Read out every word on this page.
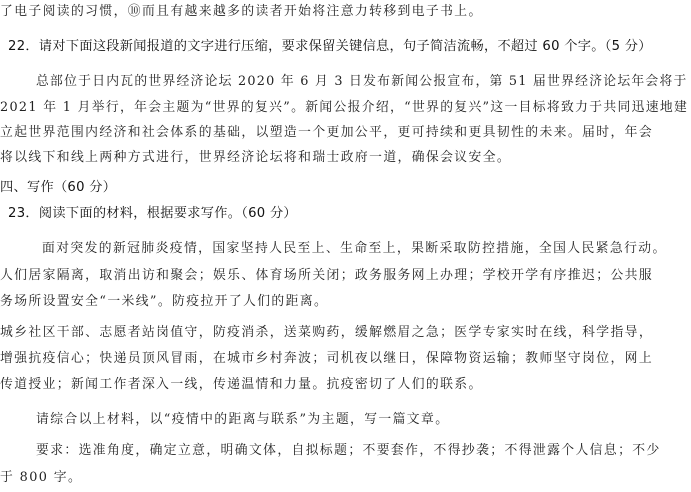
了电子阅读的习惯，⑩而且有越来越多的读者开始将注意力转移到电子书上。
22．请对下面这段新闻报道的文字进行压缩，要求保留关键信息，句子简洁流畅，不超过 60 个字。（5 分）
总部位于日内瓦的世界经济论坛 2020 年 6 月 3 日发布新闻公报宣布，第 51 届世界经济论坛年会将于
2021 年 1 月举行，年会主题为“世界的复兴”。新闻公报介绍，“世界的复兴”这一目标将致力于共同迅速地建
立起世界范围内经济和社会体系的基础，以塑造一个更加公平，更可持续和更具韧性的未来。届时，年会
将以线下和线上两种方式进行，世界经济论坛将和瑞士政府一道，确保会议安全。
四、写作（60 分）
23．阅读下面的材料，根据要求写作。（60 分）
面对突发的新冠肺炎疫情，国家坚持人民至上、生命至上，果断采取防控措施，全国人民紧急行动。
人们居家隔离，取消出访和聚会；娱乐、体育场所关闭；政务服务网上办理；学校开学有序推迟；公共服
务场所设置安全“一米线”。防疫拉开了人们的距离。
城乡社区干部、志愿者站岗值守，防疫消杀，送菜购药，缓解燃眉之急；医学专家实时在线，科学指导，
增强抗疫信心；快递员顶风冒雨，在城市乡村奔波；司机夜以继日，保障物资运输；教师坚守岗位，网上
传道授业；新闻工作者深入一线，传递温情和力量。抗疫密切了人们的联系。
请综合以上材料，以“疫情中的距离与联系”为主题，写一篇文章。
要求：选准角度，确定立意，明确文体，自拟标题；不要套作，不得抄袭；不得泄露个人信息；不少
于 800 字。
